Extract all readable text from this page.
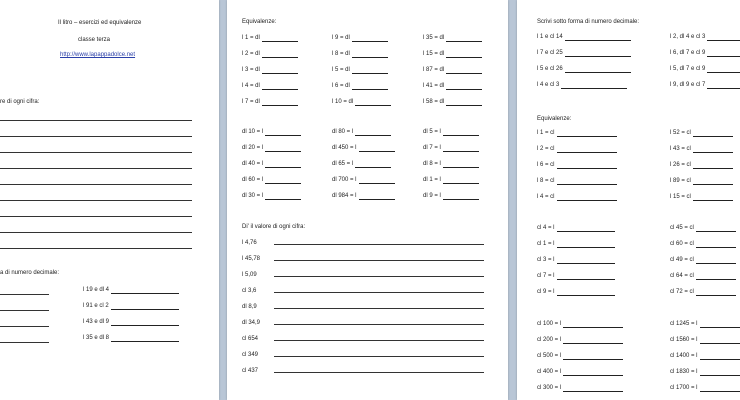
Il litro – esercizi ed equivalenze
classe terza
http://www.lapappadolce.net
re di ogni cifra:
a di numero decimale:
l 19 e dl 4
l 91 e cl 2
l 43 e dl 9
l 35 e dl 8
Equivalenze:
l 1 = dl	l 9 = dl	l 35 = dl
l 2 = dl	l 8 = dl	l 15 = dl
l 3 = dl	l 5 = dl	l 87 = dl
l 4 = dl	l 6 = dl	l 41 = dl
l 7 = dl	l 10 = dl	l 58 = dl
dl 10 = l	dl 80 = l	dl 5 = l
dl 20 = l	dl 450 = l	dl 7 = l
dl 40 = l	dl 65 = l	dl 8 = l
dl 60 = l	dl 700 = l	dl 1 = l
dl 30 = l	dl 984 = l	dl 9 = l
Di' il valore di ogni cifra:
l 4,76
l 45,78
l 5,09
cl 3,6
dl 8,9
dl 34,9
cl 654
cl 349
cl 437
Scrivi sotto forma di numero decimale:
l 1 e cl 14	l 2, dl 4 e cl 3
l 7 e cl 25	l 6, dl 7 e cl 9
l 5 e cl 26	l 5, dl 7 e cl 9
l 4 e cl 3	l 9, dl 9 e cl 7
Equivalenze:
l 1 = cl	l 52 = cl
l 2 = cl	l 43 = cl
l 6 = cl	l 26 = cl
l 8 = cl	l 89 = cl
l 4 = cl	l 15 = cl
cl 4 = l	cl 45 = cl
cl 1 = l	cl 60 = cl
cl 3 = l	cl 49 = cl
cl 7 = l	cl 64 = cl
cl 9 = l	cl 72 = cl
cl 100 = l	cl 1245 = l
cl 200 = l	cl 1560 = l
cl 500 = l	cl 1400 = l
cl 400 = l	cl 1830 = l
cl 300 = l	cl 1700 = l
